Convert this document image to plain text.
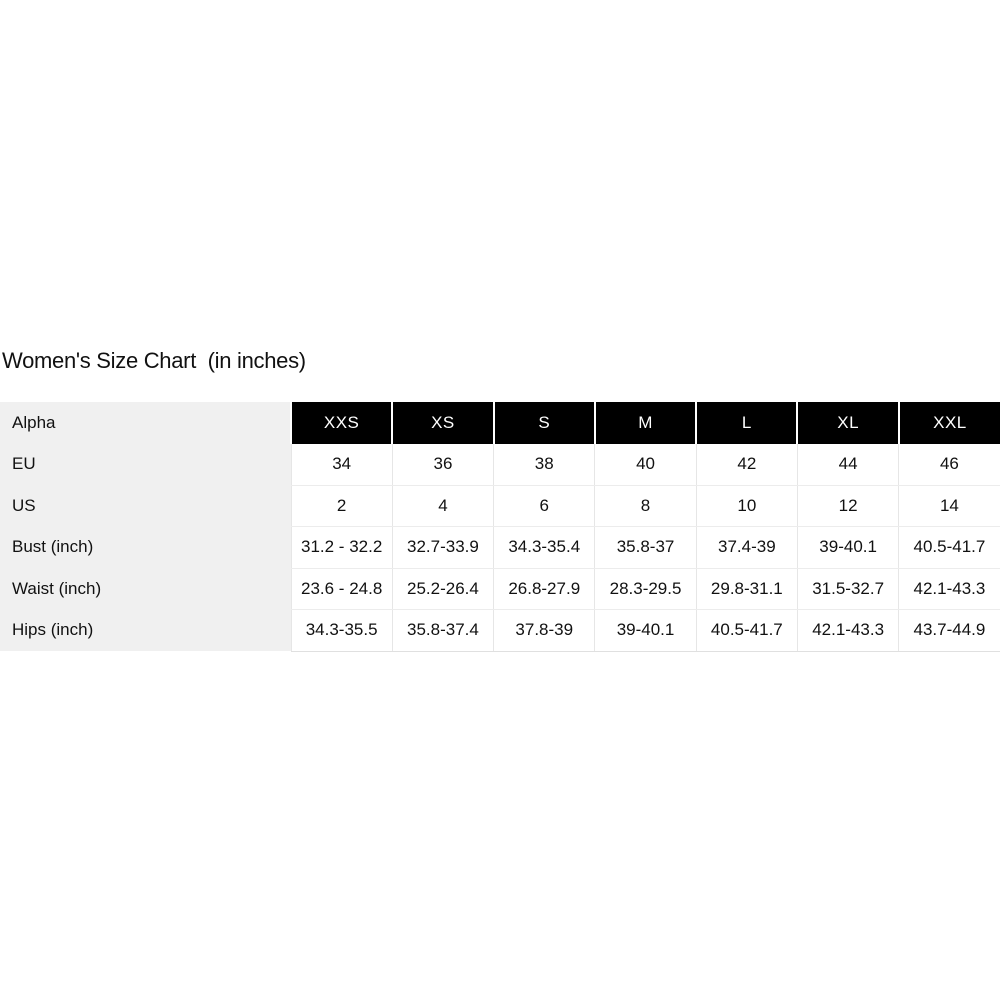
Women's Size Chart  (in inches)
Alpha	XXS	XS	S	M	L	XL	XXL
EU	34	36	38	40	42	44	46
US	2	4	6	8	10	12	14
Bust (inch)	31.2 - 32.2	32.7-33.9	34.3-35.4	35.8-37	37.4-39	39-40.1	40.5-41.7
Waist (inch)	23.6 - 24.8	25.2-26.4	26.8-27.9	28.3-29.5	29.8-31.1	31.5-32.7	42.1-43.3
Hips (inch)	34.3-35.5	35.8-37.4	37.8-39	39-40.1	40.5-41.7	42.1-43.3	43.7-44.9
